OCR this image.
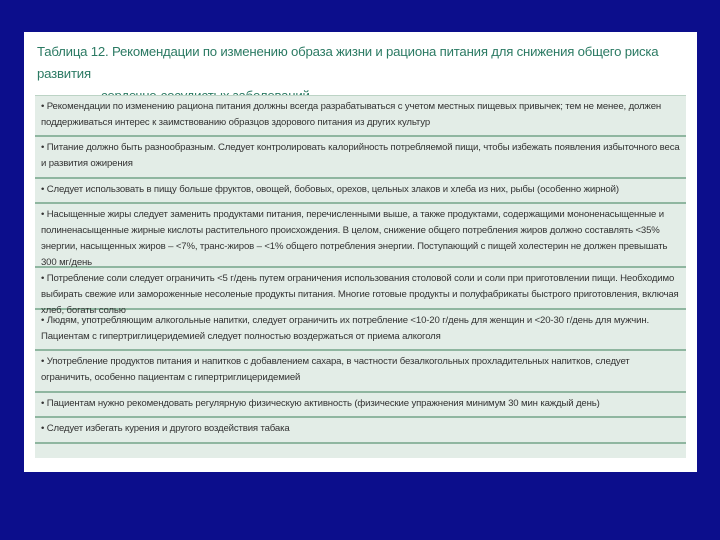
Таблица 12. Рекомендации по изменению образа жизни и рациона питания для снижения общего риска развития
• Рекомендации по изменению рациона питания должны всегда разрабатываться с учетом местных пищевых привычек; тем не менее, должен поддерживаться интерес к заимствованию образцов здорового питания из других культур
• Питание должно быть разнообразным. Следует контролировать калорийность потребляемой пищи, чтобы избежать появления избыточного веса и развития ожирения
• Следует использовать в пищу больше фруктов, овощей, бобовых, орехов, цельных злаков и хлеба из них, рыбы (особенно жирной)
• Насыщенные жиры следует заменить продуктами питания, перечисленными выше, а также продуктами, содержащими мононенасыщенные и полиненасыщенные жирные кислоты растительного происхождения. В целом, снижение общего потребления жиров должно составлять <35% энергии, насыщенных жиров – <7%, транс-жиров – <1% общего потребления энергии. Поступающий с пищей холестерин не должен превышать 300 мг/день
• Потребление соли следует ограничить <5 г/день путем ограничения использования столовой соли и соли при приготовлении пищи. Необходимо выбирать свежие или замороженные несоленые продукты питания. Многие готовые продукты и полуфабрикаты быстрого приготовления, включая хлеб, богаты солью
• Людям, употребляющим алкогольные напитки, следует ограничить их потребление <10-20 г/день для женщин и <20-30 г/день для мужчин. Пациентам с гипертриглицеридемией следует полностью воздержаться от приема алкоголя
• Употребление продуктов питания и напитков с добавлением сахара, в частности безалкогольных прохладительных напитков, следует ограничить, особенно пациентам с гипертриглицеридемией
• Пациентам нужно рекомендовать регулярную физическую активность (физические упражнения минимум 30 мин каждый день)
• Следует избегать курения и другого воздействия табака
